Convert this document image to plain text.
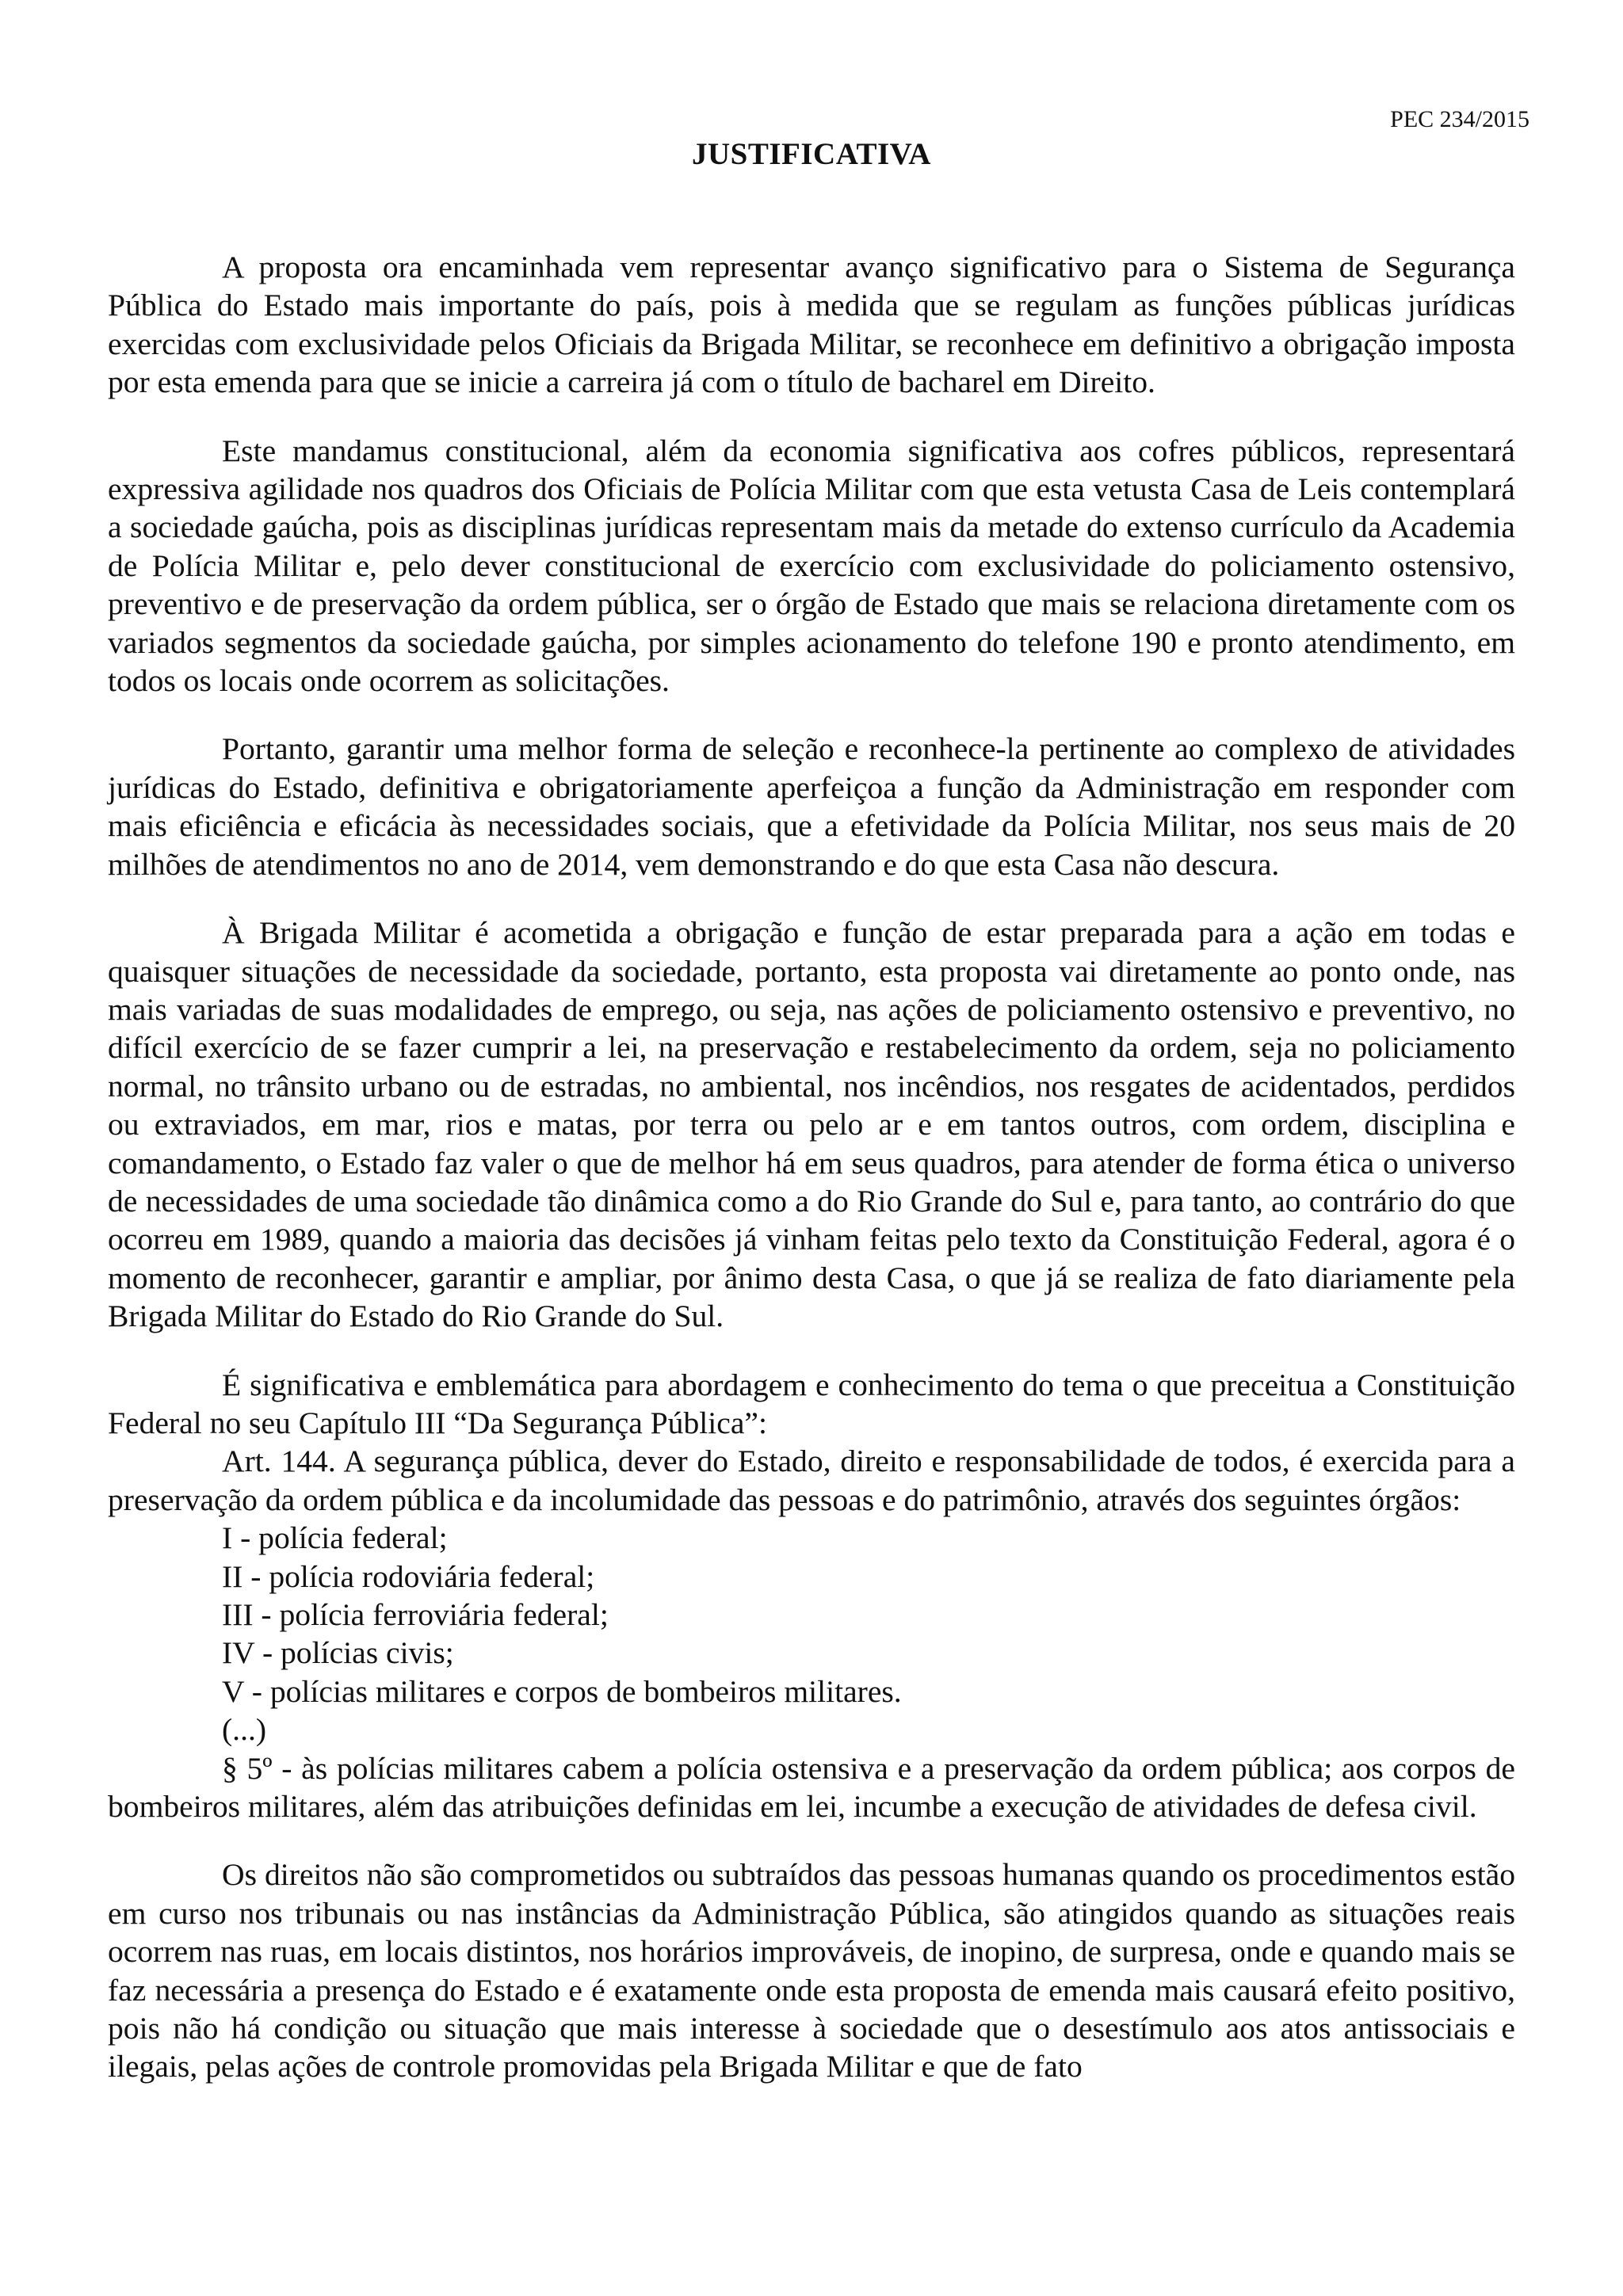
PEC 234/2015
JUSTIFICATIVA

A proposta ora encaminhada vem representar avanço significativo para o Sistema de Segurança Pública do Estado mais importante do país, pois à medida que se regulam as funções públicas jurídicas exercidas com exclusividade pelos Oficiais da Brigada Militar, se reconhece em definitivo a obrigação imposta por esta emenda para que se inicie a carreira já com o título de bacharel em Direito.

Este mandamus constitucional, além da economia significativa aos cofres públicos, representará expressiva agilidade nos quadros dos Oficiais de Polícia Militar com que esta vetusta Casa de Leis contemplará a sociedade gaúcha, pois as disciplinas jurídicas representam mais da metade do extenso currículo da Academia de Polícia Militar e, pelo dever constitucional de exercício com exclusividade do policiamento ostensivo, preventivo e de preservação da ordem pública, ser o órgão de Estado que mais se relaciona diretamente com os variados segmentos da sociedade gaúcha, por simples acionamento do telefone 190 e pronto atendimento, em todos os locais onde ocorrem as solicitações.

Portanto, garantir uma melhor forma de seleção e reconhece-la pertinente ao complexo de atividades jurídicas do Estado, definitiva e obrigatoriamente aperfeiçoa a função da Administração em responder com mais eficiência e eficácia às necessidades sociais, que a efetividade da Polícia Militar, nos seus mais de 20 milhões de atendimentos no ano de 2014, vem demonstrando e do que esta Casa não descura.

À Brigada Militar é acometida a obrigação e função de estar preparada para a ação em todas e quaisquer situações de necessidade da sociedade, portanto, esta proposta vai diretamente ao ponto onde, nas mais variadas de suas modalidades de emprego, ou seja, nas ações de policiamento ostensivo e preventivo, no difícil exercício de se fazer cumprir a lei, na preservação e restabelecimento da ordem, seja no policiamento normal, no trânsito urbano ou de estradas, no ambiental, nos incêndios, nos resgates de acidentados, perdidos ou extraviados, em mar, rios e matas, por terra ou pelo ar e em tantos outros, com ordem, disciplina e comandamento, o Estado faz valer o que de melhor há em seus quadros, para atender de forma ética o universo de necessidades de uma sociedade tão dinâmica como a do Rio Grande do Sul e, para tanto, ao contrário do que ocorreu em 1989, quando a maioria das decisões já vinham feitas pelo texto da Constituição Federal, agora é o momento de reconhecer, garantir e ampliar, por ânimo desta Casa, o que já se realiza de fato diariamente pela Brigada Militar do Estado do Rio Grande do Sul.

É significativa e emblemática para abordagem e conhecimento do tema o que preceitua a Constituição Federal no seu Capítulo III “Da Segurança Pública”:

Art. 144. A segurança pública, dever do Estado, direito e responsabilidade de todos, é exercida para a preservação da ordem pública e da incolumidade das pessoas e do patrimônio, através dos seguintes órgãos:

I - polícia federal;

II - polícia rodoviária federal;

III - polícia ferroviária federal;

IV - polícias civis;

V - polícias militares e corpos de bombeiros militares.

(...)

§ 5º - às polícias militares cabem a polícia ostensiva e a preservação da ordem pública; aos corpos de bombeiros militares, além das atribuições definidas em lei, incumbe a execução de atividades de defesa civil.

Os direitos não são comprometidos ou subtraídos das pessoas humanas quando os procedimentos estão em curso nos tribunais ou nas instâncias da Administração Pública, são atingidos quando as situações reais ocorrem nas ruas, em locais distintos, nos horários improváveis, de inopino, de surpresa, onde e quando mais se faz necessária a presença do Estado e é exatamente onde esta proposta de emenda mais causará efeito positivo, pois não há condição ou situação que mais interesse à sociedade que o desestímulo aos atos antissociais e ilegais, pelas ações de controle promovidas pela Brigada Militar e que de fato
